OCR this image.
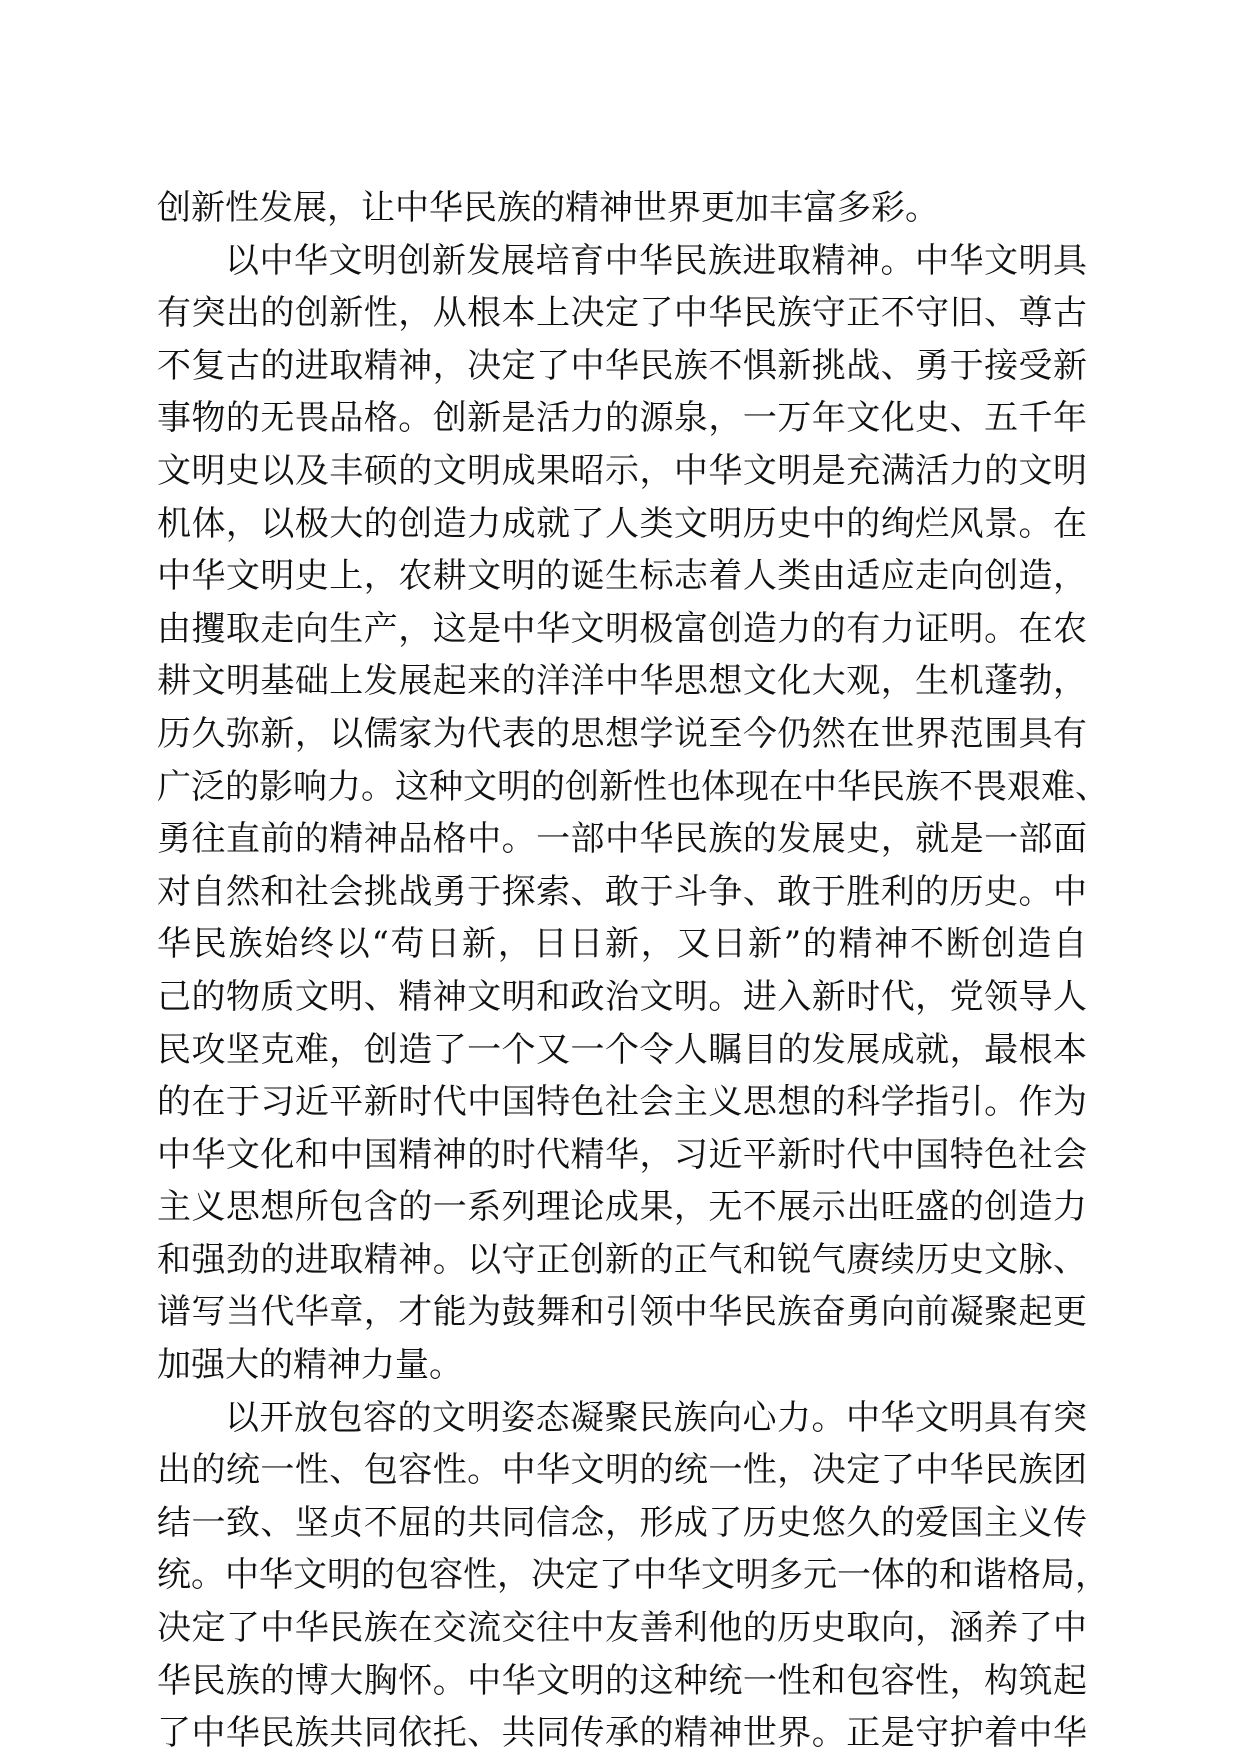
创新性发展，让中华民族的精神世界更加丰富多彩。
以中华文明创新发展培育中华民族进取精神。中华文明具
有突出的创新性，从根本上决定了中华民族守正不守旧、尊古
不复古的进取精神，决定了中华民族不惧新挑战、勇于接受新
事物的无畏品格。创新是活力的源泉，一万年文化史、五千年
文明史以及丰硕的文明成果昭示，中华文明是充满活力的文明
机体，以极大的创造力成就了人类文明历史中的绚烂风景。在
中华文明史上，农耕文明的诞生标志着人类由适应走向创造，
由攫取走向生产，这是中华文明极富创造力的有力证明。在农
耕文明基础上发展起来的洋洋中华思想文化大观，生机蓬勃，
历久弥新，以儒家为代表的思想学说至今仍然在世界范围具有
广泛的影响力。这种文明的创新性也体现在中华民族不畏艰难、
勇往直前的精神品格中。一部中华民族的发展史，就是一部面
对自然和社会挑战勇于探索、敢于斗争、敢于胜利的历史。中
华民族始终以“苟日新，日日新，又日新”的精神不断创造自
己的物质文明、精神文明和政治文明。进入新时代，党领导人
民攻坚克难，创造了一个又一个令人瞩目的发展成就，最根本
的在于习近平新时代中国特色社会主义思想的科学指引。作为
中华文化和中国精神的时代精华，习近平新时代中国特色社会
主义思想所包含的一系列理论成果，无不展示出旺盛的创造力
和强劲的进取精神。以守正创新的正气和锐气赓续历史文脉、
谱写当代华章，才能为鼓舞和引领中华民族奋勇向前凝聚起更
加强大的精神力量。
以开放包容的文明姿态凝聚民族向心力。中华文明具有突
出的统一性、包容性。中华文明的统一性，决定了中华民族团
结一致、坚贞不屈的共同信念，形成了历史悠久的爱国主义传
统。中华文明的包容性，决定了中华文明多元一体的和谐格局，
决定了中华民族在交流交往中友善利他的历史取向，涵养了中
华民族的博大胸怀。中华文明的这种统一性和包容性，构筑起
了中华民族共同依托、共同传承的精神世界。正是守护着中华
